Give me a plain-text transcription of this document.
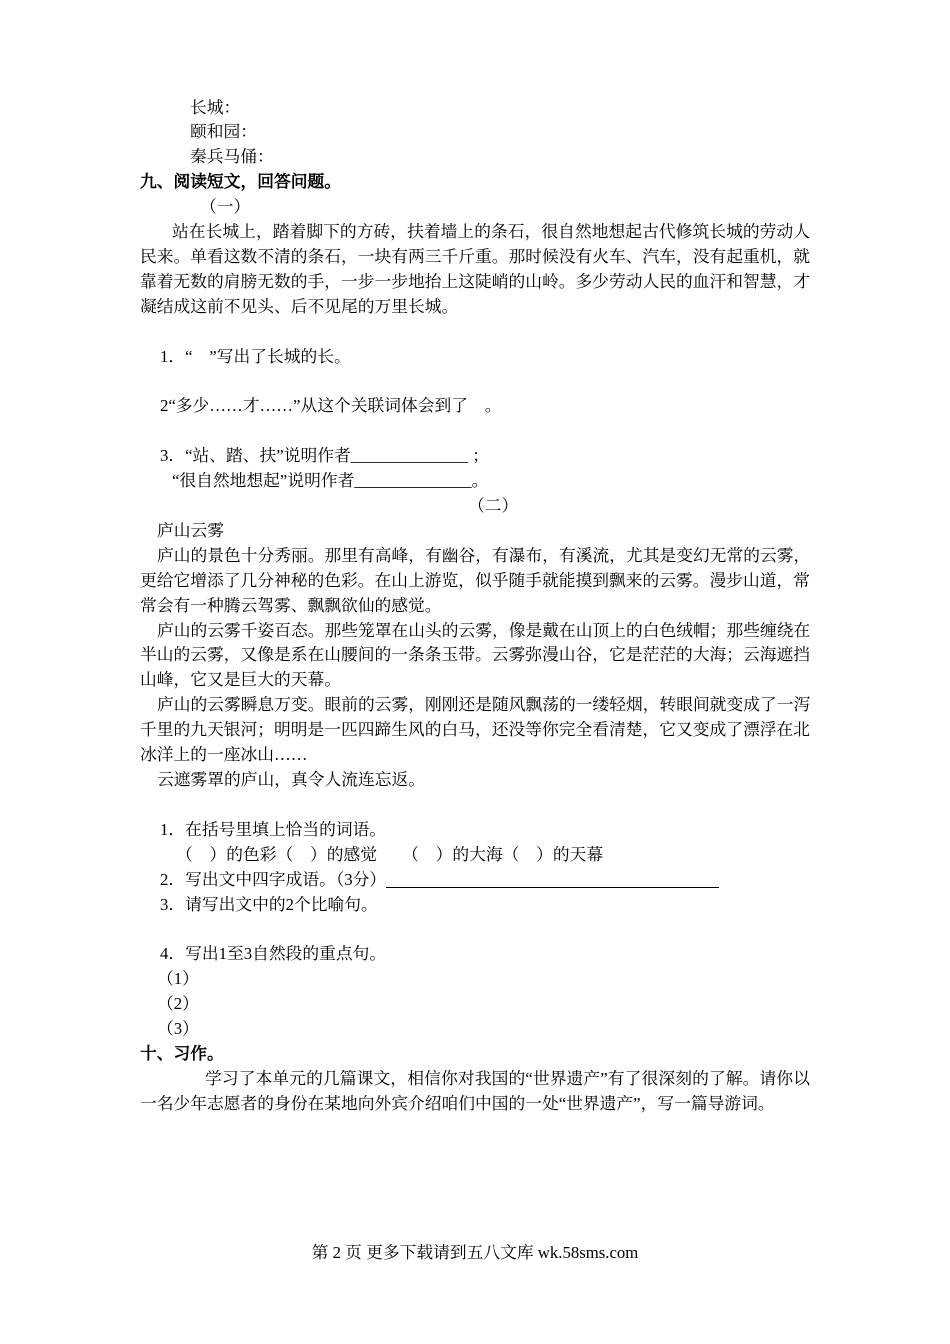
长城：
颐和园：
秦兵马俑：
九、阅读短文，回答问题。
（一）
站在长城上，踏着脚下的方砖，扶着墙上的条石，很自然地想起古代修筑长城的劳动人
民来。单看这数不清的条石，一块有两三千斤重。那时候没有火车、汽车，没有起重机，就
靠着无数的肩膀无数的手，一步一步地抬上这陡峭的山岭。多少劳动人民的血汗和智慧，才
凝结成这前不见头、后不见尾的万里长城。
1．“　”写出了长城的长。
2“多少……才……”从这个关联词体会到了　。
3．“站、踏、扶”说明作者______________ ；
“很自然地想起”说明作者______________。
（二）
庐山云雾
庐山的景色十分秀丽。那里有高峰，有幽谷，有瀑布，有溪流，尤其是变幻无常的云雾，
更给它增添了几分神秘的色彩。在山上游览，似乎随手就能摸到飘来的云雾。漫步山道，常
常会有一种腾云驾雾、飘飘欲仙的感觉。
庐山的云雾千姿百态。那些笼罩在山头的云雾，像是戴在山顶上的白色绒帽；那些缠绕在
半山的云雾，又像是系在山腰间的一条条玉带。云雾弥漫山谷，它是茫茫的大海；云海遮挡
山峰，它又是巨大的天幕。
庐山的云雾瞬息万变。眼前的云雾，刚刚还是随风飘荡的一缕轻烟，转眼间就变成了一泻
千里的九天银河；明明是一匹四蹄生风的白马，还没等你完全看清楚，它又变成了漂浮在北
冰洋上的一座冰山……
云遮雾罩的庐山，真令人流连忘返。
1．在括号里填上恰当的词语。
（　）的色彩（　）的感觉　　（　）的大海（　）的天幕
2．写出文中四字成语。（3分）
3．请写出文中的2个比喻句。
4．写出1至3自然段的重点句。
（1）
（2）
（3）
十、习作。
学习了本单元的几篇课文，相信你对我国的“世界遗产”有了很深刻的了解。请你以
一名少年志愿者的身份在某地向外宾介绍咱们中国的一处“世界遗产”，写一篇导游词。
第 2 页 更多下载请到五八文库 wk.58sms.com
